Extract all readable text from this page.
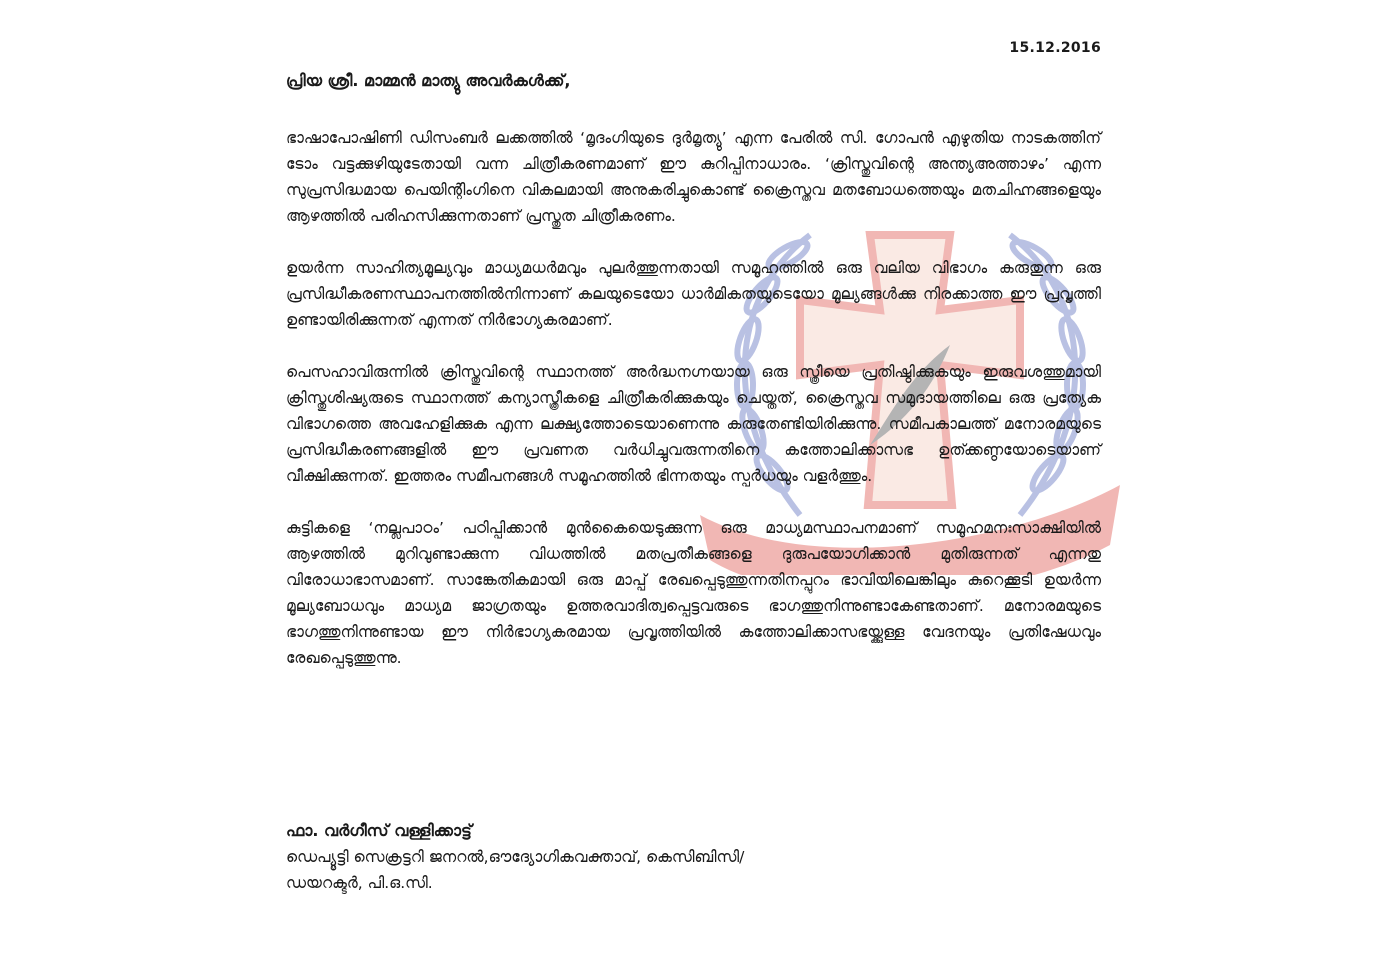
15.12.2016
പ്രിയ ശ്രീ. മാമ്മൻ മാത്യു അവർകൾക്ക്,

ഭാഷാപോഷിണി ഡിസംബർ ലക്കത്തിൽ ‘മൃദംഗിയുടെ ദുർമൃത്യു’ എന്ന പേരിൽ സി. ഗോപൻ എഴുതിയ നാടകത്തിന് ടോം വട്ടക്കുഴിയുടേതായി വന്ന ചിത്രീകരണമാണ് ഈ കുറിപ്പിനാധാരം. ‘ക്രിസ്തുവിന്റെ അന്ത്യഅത്താഴം’ എന്ന സുപ്രസിദ്ധമായ പെയിന്റിംഗിനെ വികലമായി അനുകരിച്ചുകൊണ്ട് ക്രൈസ്തവ മതബോധത്തെയും മതചിഹ്നങ്ങളെയും ആഴത്തിൽ പരിഹസിക്കുന്നതാണ് പ്രസ്തുത ചിത്രീകരണം.

ഉയർന്ന സാഹിത്യമൂല്യവും മാധ്യമധർമവും പുലർത്തുന്നതായി സമൂഹത്തിൽ ഒരു വലിയ വിഭാഗം കരുതുന്ന ഒരു പ്രസിദ്ധീകരണസ്ഥാപനത്തിൽനിന്നാണ് കലയുടെയോ ധാർമികതയുടെയോ മൂല്യങ്ങൾക്കു നിരക്കാത്ത ഈ പ്രവൃത്തി ഉണ്ടായിരിക്കുന്നത് എന്നത് നിർഭാഗ്യകരമാണ്.

പെസഹാവിരുന്നിൽ ക്രിസ്തുവിന്റെ സ്ഥാനത്ത് അർദ്ധനഗ്നയായ ഒരു സ്ത്രീയെ പ്രതിഷ്ഠിക്കുകയും ഇരുവശത്തുമായി ക്രിസ്തുശിഷ്യരുടെ സ്ഥാനത്ത് കന്യാസ്ത്രീകളെ ചിത്രീകരിക്കുകയും ചെയ്തത്, ക്രൈസ്തവ സമുദായത്തിലെ ഒരു പ്രത്യേക വിഭാഗത്തെ അവഹേളിക്കുക എന്ന ലക്ഷ്യത്തോടെയാണെന്നു കരുതേണ്ടിയിരിക്കുന്നു. സമീപകാലത്ത് മനോരമയുടെ പ്രസിദ്ധീകരണങ്ങളിൽ ഈ പ്രവണത വർധിച്ചുവരുന്നതിനെ കത്തോലിക്കാസഭ ഉത്ക്കണ്ഠയോടെയാണ് വീക്ഷിക്കുന്നത്. ഇത്തരം സമീപനങ്ങൾ സമൂഹത്തിൽ ഭിന്നതയും സ്പർധയും വളർത്തും.

കുട്ടികളെ ‘നല്ലപാഠം’ പഠിപ്പിക്കാൻ മുൻകൈയെടുക്കുന്ന ഒരു മാധ്യമസ്ഥാപനമാണ് സമൂഹമനഃസാക്ഷിയിൽ ആഴത്തിൽ മുറിവുണ്ടാക്കുന്ന വിധത്തിൽ മതപ്രതീകങ്ങളെ ദുരുപയോഗിക്കാൻ മുതിരുന്നത് എന്നതു വിരോധാഭാസമാണ്. സാങ്കേതികമായി ഒരു മാപ്പ് രേഖപ്പെടുത്തുന്നതിനപ്പുറം ഭാവിയിലെങ്കിലും കുറെക്കൂടി ഉയർന്ന മൂല്യബോധവും മാധ്യമ ജാഗ്രതയും ഉത്തരവാദിത്വപ്പെട്ടവരുടെ ഭാഗത്തുനിന്നുണ്ടാകേണ്ടതാണ്. മനോരമയുടെ ഭാഗത്തുനിന്നുണ്ടായ ഈ നിർഭാഗ്യകരമായ പ്രവൃത്തിയിൽ കത്തോലിക്കാസഭയ്ക്കുള്ള വേദനയും പ്രതിഷേധവും രേഖപ്പെടുത്തുന്നു.

ഫാ. വർഗീസ് വള്ളിക്കാട്ട്
ഡെപ്യൂട്ടി സെക്രട്ടറി ജനറൽ,ഔദ്യോഗികവക്താവ്, കെസിബിസി/
ഡയറക്ടർ, പി.ഒ.സി.
